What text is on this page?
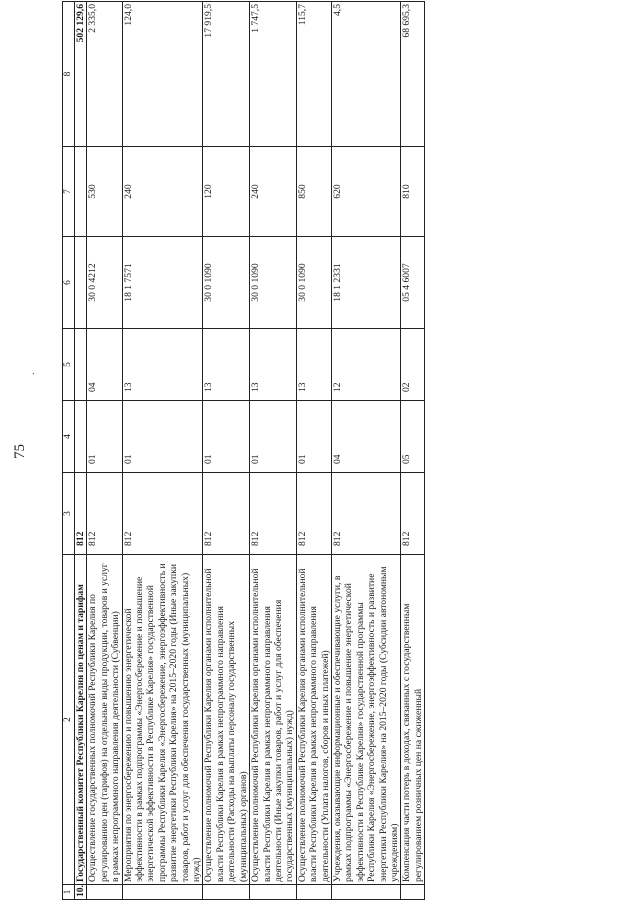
75
.
1	2	3	4	5	6	7	8
10.	Государственный комитет Республики Карелия по ценам и тарифам	812					502 129,6
	Осуществление государственных полномочий Республики Карелия по регулированию цен (тарифов) на отдельные виды продукции, товаров и услуг в рамках непрограммного направления деятельности (Субвенции)	812	01	04	30 0 4212	530	2 335,0
	Мероприятия по энергосбережению и повышению энергетической эффективности в рамках подпрограммы «Энергосбережение и повышение энергетической эффективности в Республике Карелия» государственной программы Республики Карелия «Энергосбережение, энергоэффективность и развитие энергетики Республики Карелия» на 2015–2020 годы (Иные закупки товаров, работ и услуг для обеспечения государственных (муниципальных) нужд)	812	01	13	18 1 7571	240	124,0
	Осуществление полномочий Республики Карелия органами исполнительной власти Республики Карелия в рамках непрограммного направления деятельности (Расходы на выплаты персоналу государственных (муниципальных) органов)	812	01	13	30 0 1090	120	17 919,5
	Осуществление полномочий Республики Карелия органами исполнительной власти Республики Карелия в рамках непрограммного направления деятельности (Иные закупки товаров, работ и услуг для обеспечения государственных (муниципальных) нужд)	812	01	13	30 0 1090	240	1 747,5
	Осуществление полномочий Республики Карелия органами исполнительной власти Республики Карелия в рамках непрограммного направления деятельности (Уплата налогов, сборов и иных платежей)	812	01	13	30 0 1090	850	115,7
	Учреждения, оказывающие информационные и обеспечивающие услуги, в рамках подпрограммы «Энергосбережение и повышение энергетической эффективности в Республике Карелия» государственной программы Республики Карелия «Энергосбережение, энергоэффективность и развитие энергетики Республики Карелия» на 2015–2020 годы (Субсидии автономным учреждениям)	812	04	12	18 1 2331	620	4,5
	Компенсация части потерь в доходах, связанных с государственным регулированием розничных цен на сжиженный	812	05	02	05 4 6007	810	68 695,3
